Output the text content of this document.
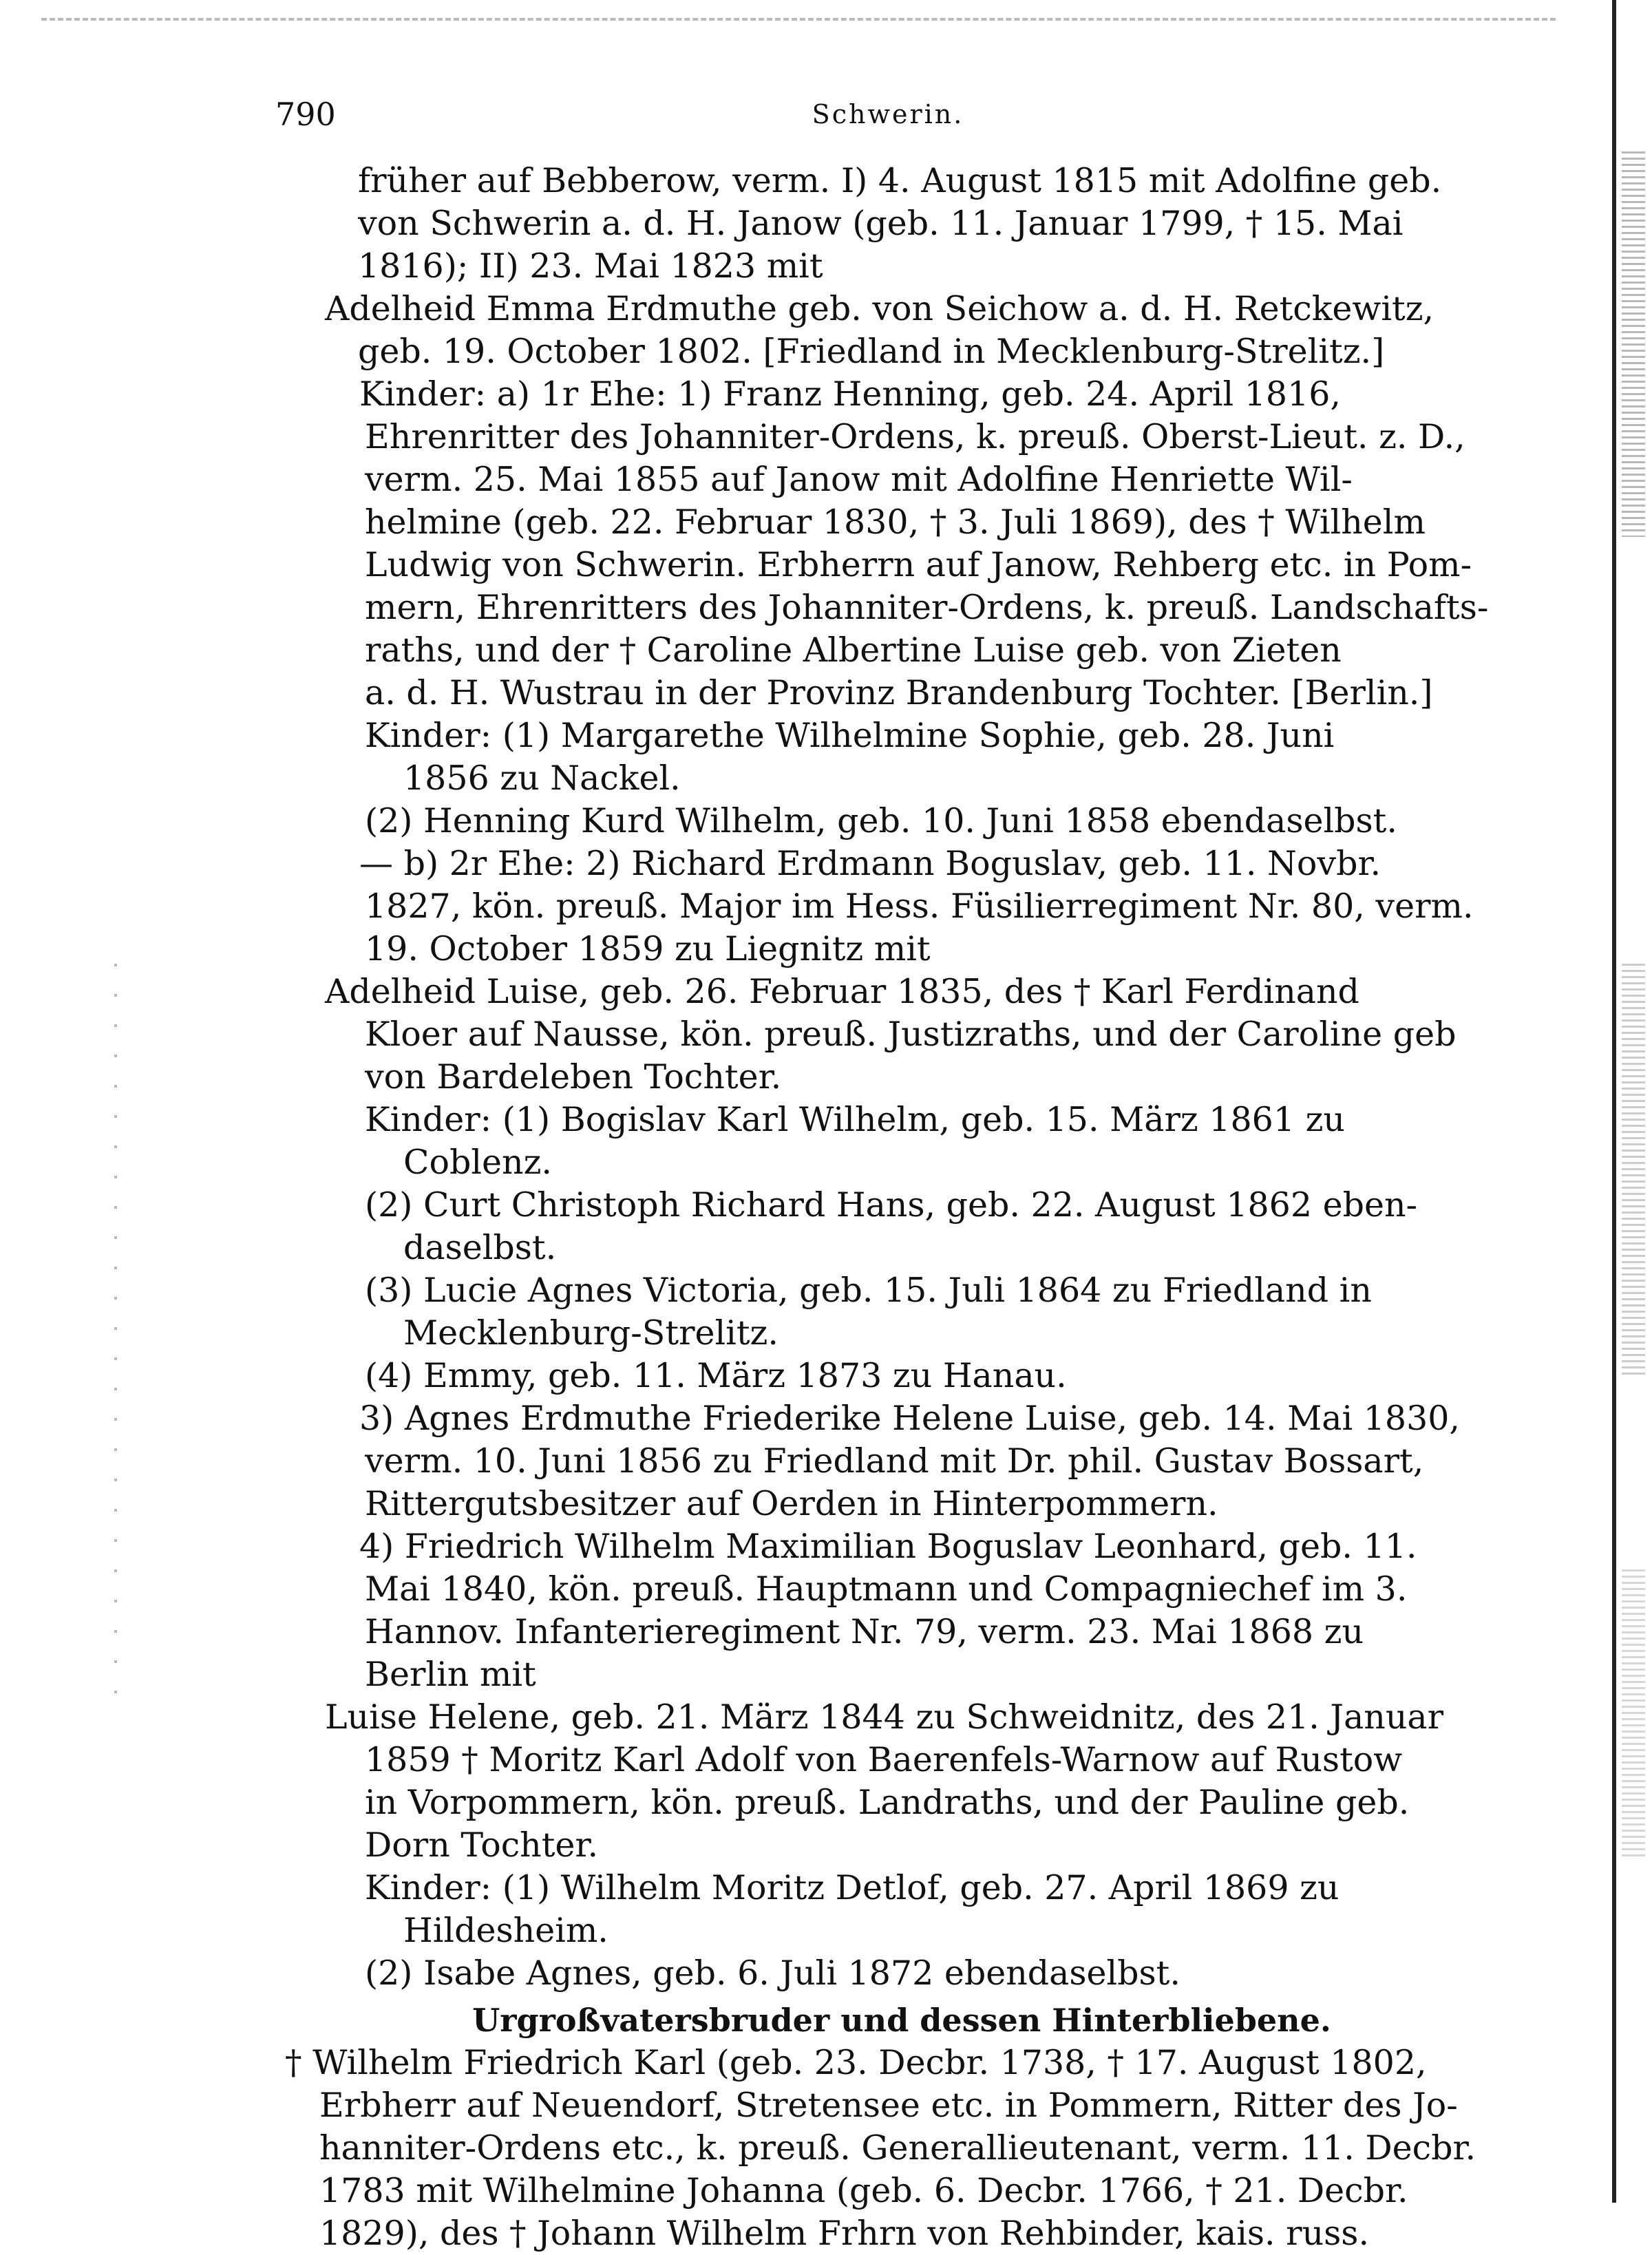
790	Schwerin.
früher auf Bebberow, verm. I) 4. August 1815 mit Adolfine geb.
von Schwerin a. d. H. Janow (geb. 11. Januar 1799, † 15. Mai
1816); II) 23. Mai 1823 mit
Adelheid Emma Erdmuthe geb. von Seichow a. d. H. Retckewitz,
geb. 19. October 1802. [Friedland in Mecklenburg-Strelitz.]
Kinder: a) 1r Ehe: 1) Franz Henning, geb. 24. April 1816,
Ehrenritter des Johanniter-Ordens, k. preuß. Oberst-Lieut. z. D.,
verm. 25. Mai 1855 auf Janow mit Adolfine Henriette Wil-
helmine (geb. 22. Februar 1830, † 3. Juli 1869), des † Wilhelm
Ludwig von Schwerin. Erbherrn auf Janow, Rehberg etc. in Pom-
mern, Ehrenritters des Johanniter-Ordens, k. preuß. Landschafts-
raths, und der † Caroline Albertine Luise geb. von Zieten
a. d. H. Wustrau in der Provinz Brandenburg Tochter. [Berlin.]
Kinder: (1) Margarethe Wilhelmine Sophie, geb. 28. Juni
1856 zu Nackel.
(2) Henning Kurd Wilhelm, geb. 10. Juni 1858 ebendaselbst.
— b) 2r Ehe: 2) Richard Erdmann Boguslav, geb. 11. Novbr.
1827, kön. preuß. Major im Hess. Füsilierregiment Nr. 80, verm.
19. October 1859 zu Liegnitz mit
Adelheid Luise, geb. 26. Februar 1835, des † Karl Ferdinand
Kloer auf Nausse, kön. preuß. Justizraths, und der Caroline geb
von Bardeleben Tochter.
Kinder: (1) Bogislav Karl Wilhelm, geb. 15. März 1861 zu
Coblenz.
(2) Curt Christoph Richard Hans, geb. 22. August 1862 eben-
daselbst.
(3) Lucie Agnes Victoria, geb. 15. Juli 1864 zu Friedland in
Mecklenburg-Strelitz.
(4) Emmy, geb. 11. März 1873 zu Hanau.
3) Agnes Erdmuthe Friederike Helene Luise, geb. 14. Mai 1830,
verm. 10. Juni 1856 zu Friedland mit Dr. phil. Gustav Bossart,
Rittergutsbesitzer auf Oerden in Hinterpommern.
4) Friedrich Wilhelm Maximilian Boguslav Leonhard, geb. 11.
Mai 1840, kön. preuß. Hauptmann und Compagniechef im 3.
Hannov. Infanterieregiment Nr. 79, verm. 23. Mai 1868 zu
Berlin mit
Luise Helene, geb. 21. März 1844 zu Schweidnitz, des 21. Januar
1859 † Moritz Karl Adolf von Baerenfels-Warnow auf Rustow
in Vorpommern, kön. preuß. Landraths, und der Pauline geb.
Dorn Tochter.
Kinder: (1) Wilhelm Moritz Detlof, geb. 27. April 1869 zu
Hildesheim.
(2) Isabe Agnes, geb. 6. Juli 1872 ebendaselbst.
Urgroßvatersbruder und dessen Hinterbliebene.
† Wilhelm Friedrich Karl (geb. 23. Decbr. 1738, † 17. August 1802,
Erbherr auf Neuendorf, Stretensee etc. in Pommern, Ritter des Jo-
hanniter-Ordens etc., k. preuß. Generallieutenant, verm. 11. Decbr.
1783 mit Wilhelmine Johanna (geb. 6. Decbr. 1766, † 21. Decbr.
1829), des † Johann Wilhelm Frhrn von Rehbinder, kais. russ.
